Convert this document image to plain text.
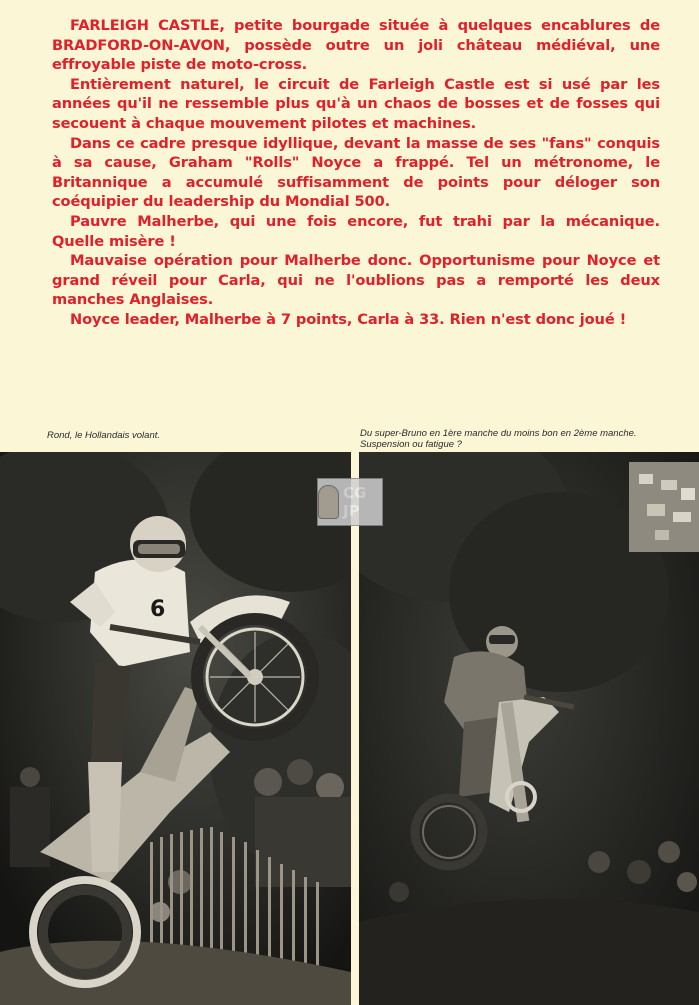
FARLEIGH CASTLE, petite bourgade située à quelques encablures de BRADFORD-ON-AVON, possède outre un joli château médiéval, une effroyable piste de moto-cross.

Entièrement naturel, le circuit de Farleigh Castle est si usé par les années qu'il ne ressemble plus qu'à un chaos de bosses et de fosses qui secouent à chaque mouvement pilotes et machines.

Dans ce cadre presque idyllique, devant la masse de ses "fans" conquis à sa cause, Graham "Rolls" Noyce a frappé. Tel un métronome, le Britannique a accumulé suffisamment de points pour déloger son coéquipier du leadership du Mondial 500.

Pauvre Malherbe, qui une fois encore, fut trahi par la mécanique. Quelle misère !

Mauvaise opération pour Malherbe donc. Opportunisme pour Noyce et grand réveil pour Carla, qui ne l'oublions pas a remporté les deux manches Anglaises.

Noyce leader, Malherbe à 7 points, Carla à 33. Rien n'est donc joué !

Rond, le Hollandais volant.	Du super-Bruno en 1ère manche du moins bon en 2ème manche.
Suspension ou fatigue ?
6
CG JP
